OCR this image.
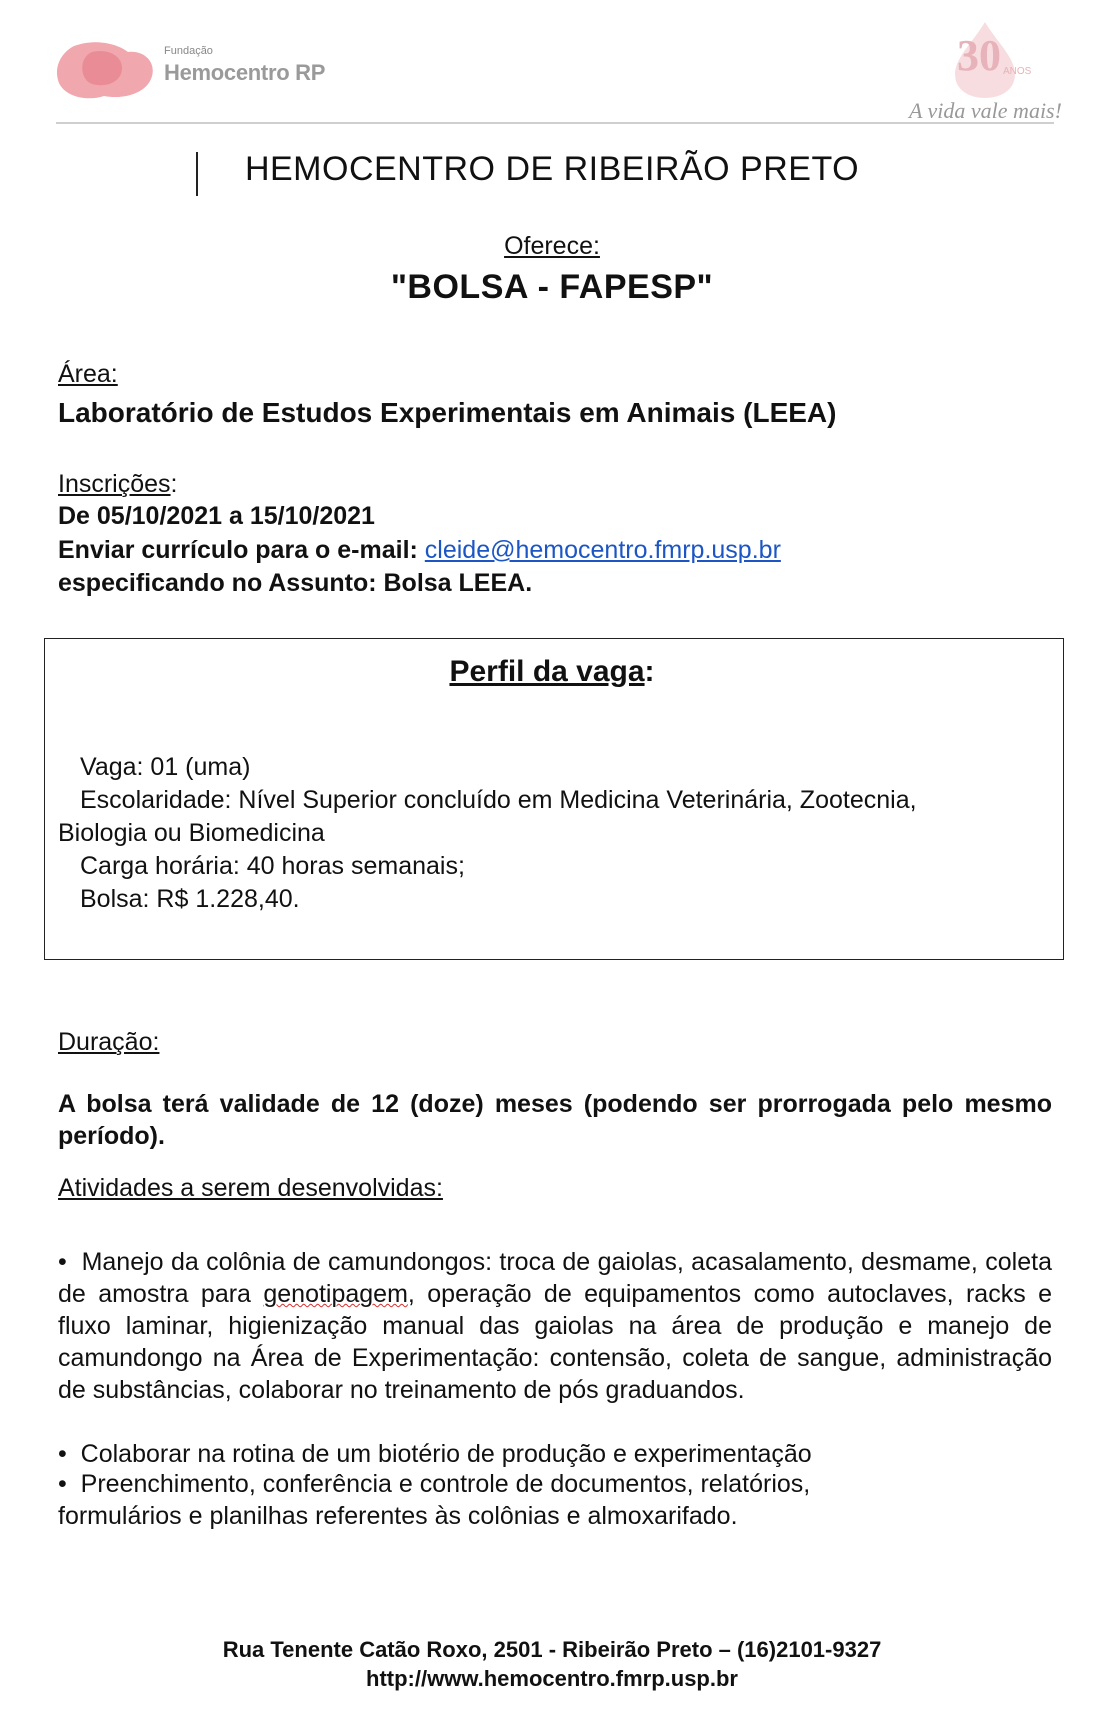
Fundação
Hemocentro RP	30 ANOS
A vida vale mais!
HEMOCENTRO DE RIBEIRÃO PRETO
Oferece:
"BOLSA - FAPESP"
Área:
Laboratório de Estudos Experimentais em Animais (LEEA)
Inscrições:
De 05/10/2021 a 15/10/2021
Enviar currículo para o e-mail: cleide@hemocentro.fmrp.usp.br
especificando no Assunto: Bolsa LEEA.
Perfil da vaga:
Vaga: 01 (uma)
Escolaridade: Nível Superior concluído em Medicina Veterinária, Zootecnia,
Biologia ou Biomedicina
Carga horária: 40 horas semanais;
Bolsa: R$ 1.228,40.
Duração:
A bolsa terá validade de 12 (doze) meses (podendo ser prorrogada pelo mesmo período).
Atividades a serem desenvolvidas:
• Manejo da colônia de camundongos: troca de gaiolas, acasalamento, desmame, coleta de amostra para genotipagem, operação de equipamentos como autoclaves, racks e fluxo laminar, higienização manual das gaiolas na área de produção e manejo de camundongo na Área de Experimentação: contensão, coleta de sangue, administração de substâncias, colaborar no treinamento de pós graduandos.
• Colaborar na rotina de um biotério de produção e experimentação
• Preenchimento, conferência e controle de documentos, relatórios,
formulários e planilhas referentes às colônias e almoxarifado.
Rua Tenente Catão Roxo, 2501 - Ribeirão Preto – (16)2101-9327
http://www.hemocentro.fmrp.usp.br
